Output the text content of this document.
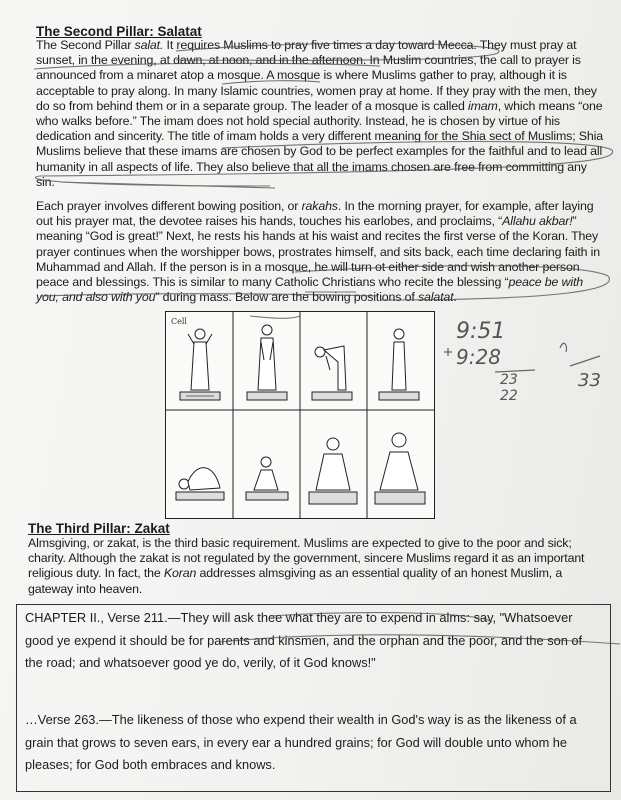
The Second Pillar: Salatat

The Second Pillar salat. It requires Muslims to pray five times a day toward Mecca. They must pray at sunset, in the evening, at dawn, at noon, and in the afternoon. In Muslim countries, the call to prayer is announced from a minaret atop a mosque. A mosque is where Muslims gather to pray, although it is acceptable to pray along. In many Islamic countries, women pray at home. If they pray with the men, they do so from behind them or in a separate group. The leader of a mosque is called imam, which means “one who walks before.” The imam does not hold special authority. Instead, he is chosen by virtue of his dedication and sincerity. The title of imam holds a very different meaning for the Shia sect of Muslims; Shia Muslims believe that these imams are chosen by God to be perfect examples for the faithful and to lead all humanity in all aspects of life. They also believe that all the imams chosen are free from committing any sin.

Each prayer involves different bowing position, or rakahs. In the morning prayer, for example, after laying out his prayer mat, the devotee raises his hands, touches his earlobes, and proclaims, “Allahu akbar!” meaning “God is great!” Next, he rests his hands at his waist and recites the first verse of the Koran. They prayer continues when the worshipper bows, prostrates himself, and sits back, each time declaring faith in Muhammad and Allah. If the person is in a mosque, he will turn ot either side and wish another person peace and blessings. This is similar to many Catholic Christians who recite the blessing “peace be with you, and also with you” during mass. Below are the bowing positions of salatat.

Cell	9:51
9:28
23
22
33
The Third Pillar: Zakat

Almsgiving, or zakat, is the third basic requirement. Muslims are expected to give to the poor and sick; charity. Although the zakat is not regulated by the government, sincere Muslims regard it as an important religious duty. In fact, the Koran addresses almsgiving as an essential quality of an honest Muslim, a gateway into heaven.

CHAPTER II., Verse 211.—They will ask thee what they are to expend in alms: say, "Whatsoever good ye expend it should be for parents and kinsmen, and the orphan and the poor, and the son of the road; and whatsoever good ye do, verily, of it God knows!"

…Verse 263.—The likeness of those who expend their wealth in God's way is as the likeness of a grain that grows to seven ears, in every ear a hundred grains; for God will double unto whom he pleases; for God both embraces and knows.
